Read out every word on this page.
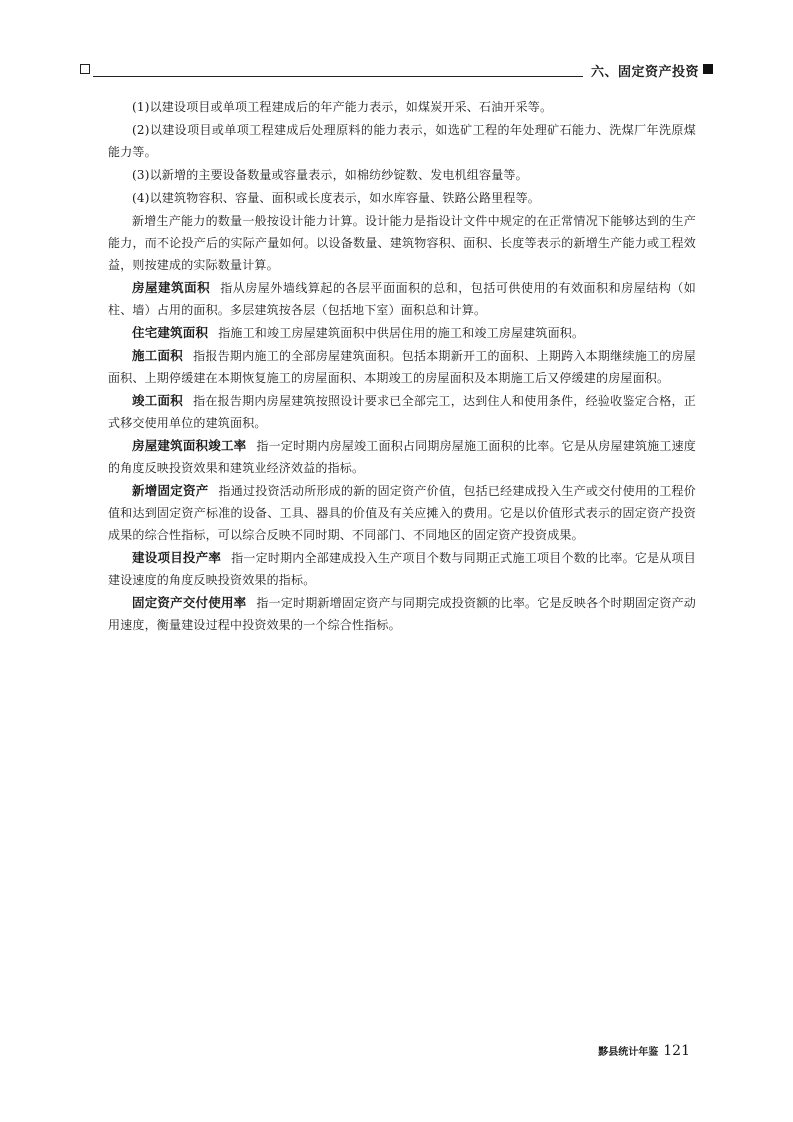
六、固定资产投资

(1)以建设项目或单项工程建成后的年产能力表示，如煤炭开采、石油开采等。

(2)以建设项目或单项工程建成后处理原料的能力表示，如选矿工程的年处理矿石能力、洗煤厂年洗原煤能力等。

(3)以新增的主要设备数量或容量表示，如棉纺纱锭数、发电机组容量等。

(4)以建筑物容积、容量、面积或长度表示，如水库容量、铁路公路里程等。

新增生产能力的数量一般按设计能力计算。设计能力是指设计文件中规定的在正常情况下能够达到的生产能力，而不论投产后的实际产量如何。以设备数量、建筑物容积、面积、长度等表示的新增生产能力或工程效益，则按建成的实际数量计算。

房屋建筑面积 指从房屋外墙线算起的各层平面面积的总和，包括可供使用的有效面积和房屋结构（如柱、墙）占用的面积。多层建筑按各层（包括地下室）面积总和计算。

住宅建筑面积 指施工和竣工房屋建筑面积中供居住用的施工和竣工房屋建筑面积。

施工面积 指报告期内施工的全部房屋建筑面积。包括本期新开工的面积、上期跨入本期继续施工的房屋面积、上期停缓建在本期恢复施工的房屋面积、本期竣工的房屋面积及本期施工后又停缓建的房屋面积。

竣工面积 指在报告期内房屋建筑按照设计要求已全部完工，达到住人和使用条件，经验收鉴定合格，正式移交使用单位的建筑面积。

房屋建筑面积竣工率 指一定时期内房屋竣工面积占同期房屋施工面积的比率。它是从房屋建筑施工速度的角度反映投资效果和建筑业经济效益的指标。

新增固定资产 指通过投资活动所形成的新的固定资产价值，包括已经建成投入生产或交付使用的工程价值和达到固定资产标准的设备、工具、器具的价值及有关应摊入的费用。它是以价值形式表示的固定资产投资成果的综合性指标，可以综合反映不同时期、不同部门、不同地区的固定资产投资成果。

建设项目投产率 指一定时期内全部建成投入生产项目个数与同期正式施工项目个数的比率。它是从项目建设速度的角度反映投资效果的指标。

固定资产交付使用率 指一定时期新增固定资产与同期完成投资额的比率。它是反映各个时期固定资产动用速度，衡量建设过程中投资效果的一个综合性指标。

黟县统计年鉴 121
